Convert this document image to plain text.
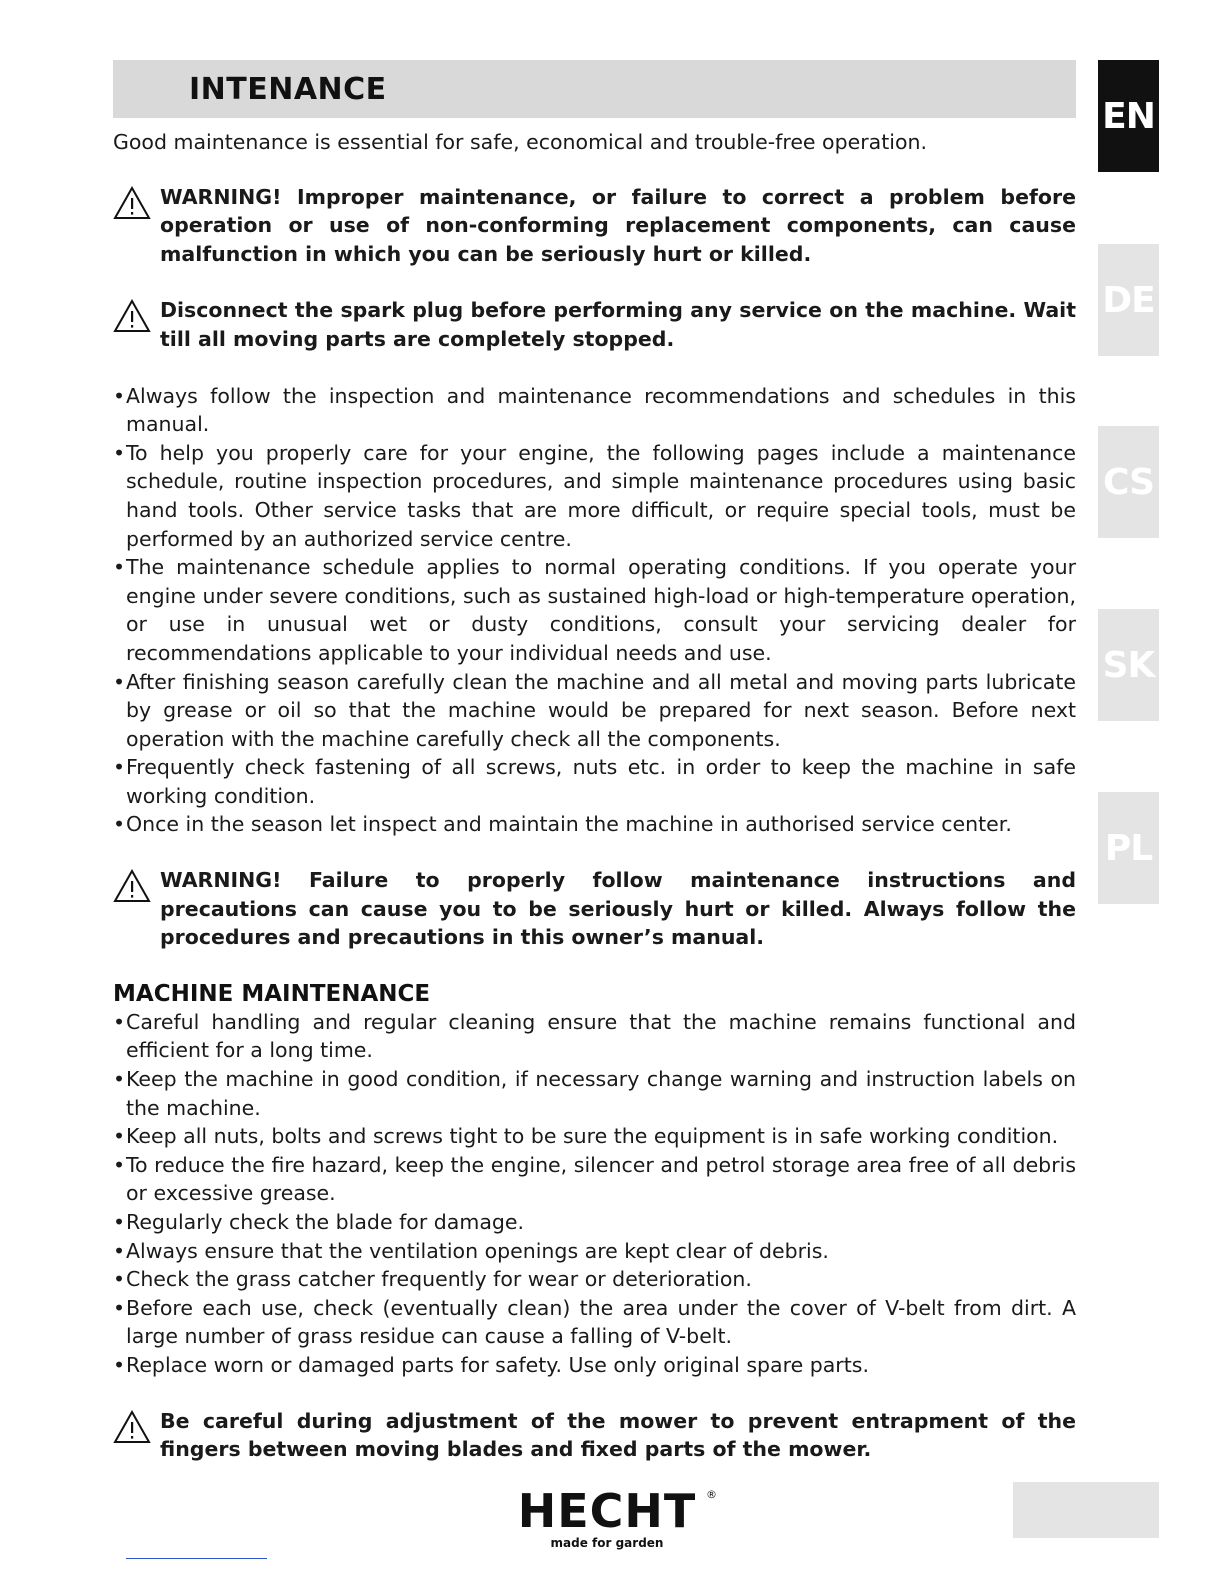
INTENANCE
EN
DE
CS
SK
PL

Good maintenance is essential for safe, economical and trouble-free operation.

WARNING! Improper maintenance, or failure to correct a problem before operation or use of non-conforming replacement components, can cause malfunction in which you can be seriously hurt or killed.
Disconnect the spark plug before performing any service on the machine. Wait till all moving parts are completely stopped.
• Always follow the inspection and maintenance recommendations and schedules in this manual.
• To help you properly care for your engine, the following pages include a maintenance schedule, routine inspection procedures, and simple maintenance procedures using basic hand tools. Other service tasks that are more difficult, or require special tools, must be performed by an authorized service centre.
• The maintenance schedule applies to normal operating conditions. If you operate your engine under severe conditions, such as sustained high-load or high-temperature operation, or use in unusual wet or dusty conditions, consult your servicing dealer for recommendations applicable to your individual needs and use.
• After finishing season carefully clean the machine and all metal and moving parts lubricate by grease or oil so that the machine would be prepared for next season. Before next operation with the machine carefully check all the components.
• Frequently check fastening of all screws, nuts etc. in order to keep the machine in safe working condition.
• Once in the season let inspect and maintain the machine in authorised service center.
WARNING! Failure to properly follow maintenance instructions and precautions can cause you to be seriously hurt or killed. Always follow the procedures and precautions in this owner’s manual.
MACHINE MAINTENANCE
• Careful handling and regular cleaning ensure that the machine remains functional and efficient for a long time.
• Keep the machine in good condition, if necessary change warning and instruction labels on the machine.
• Keep all nuts, bolts and screws tight to be sure the equipment is in safe working condition.
• To reduce the fire hazard, keep the engine, silencer and petrol storage area free of all debris or excessive grease.
• Regularly check the blade for damage.
• Always ensure that the ventilation openings are kept clear of debris.
• Check the grass catcher frequently for wear or deterioration.
• Before each use, check (eventually clean) the area under the cover of V-belt from dirt. A large number of grass residue can cause a falling of V-belt.
• Replace worn or damaged parts for safety. Use only original spare parts.
Be careful during adjustment of the mower to prevent entrapment of the fingers between moving blades and fixed parts of the mower.
HECHT ®
made for garden
